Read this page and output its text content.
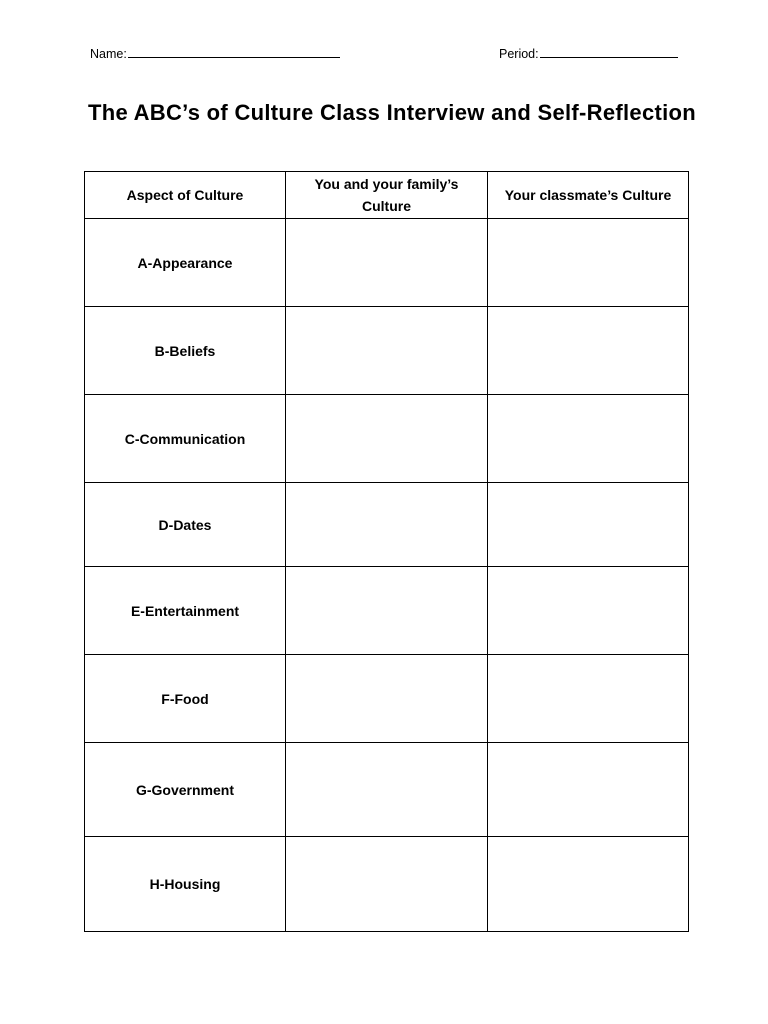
Name:	Period:
The ABC’s of Culture Class Interview and Self-Reflection
Aspect of Culture	You and your family’s Culture	Your classmate’s Culture
A-Appearance		
B-Beliefs		
C-Communication		
D-Dates		
E-Entertainment		
F-Food		
G-Government		
H-Housing		
